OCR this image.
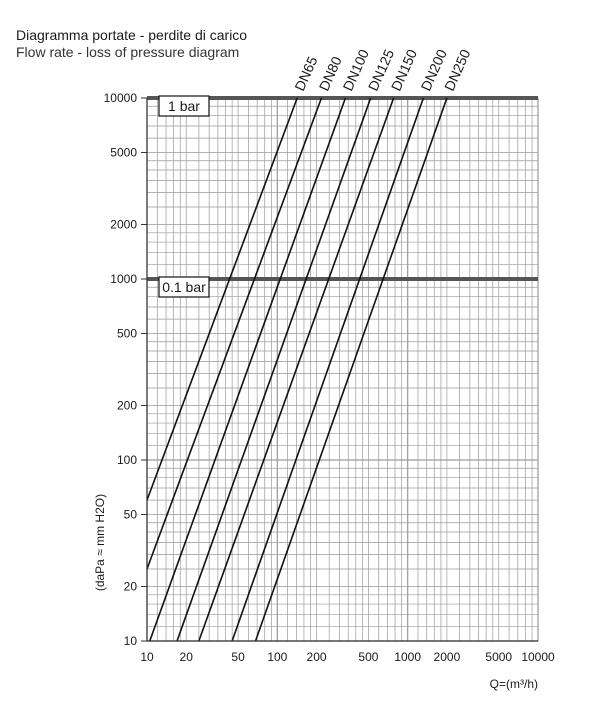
Diagramma portate - perdite di carico
Flow rate - loss of pressure diagram
10
20
50
100
200
500
1000
2000
5000
10000
10 20	50 100 200	500 1000 2000 5000 10000
(daPa ≈ mm H2O)
Q=(m³/h)
1 bar
0.1 bar
DN65
DN80
DN100
DN125
DN150
DN200
DN250
